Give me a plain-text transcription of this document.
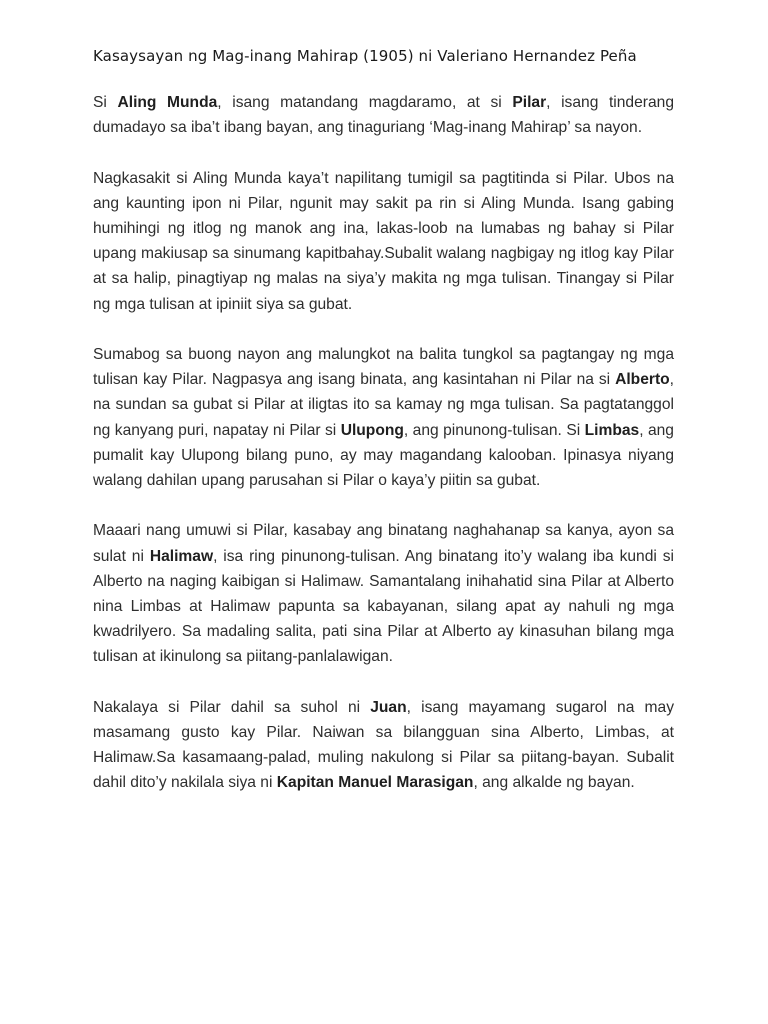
Kasaysayan ng Mag-inang Mahirap (1905) ni Valeriano Hernandez Peña

Si Aling Munda, isang matandang magdaramo, at si Pilar, isang tinderang dumadayo sa iba’t ibang bayan, ang tinaguriang ‘Mag-inang Mahirap’ sa nayon.

Nagkasakit si Aling Munda kaya’t napilitang tumigil sa pagtitinda si Pilar. Ubos na ang kaunting ipon ni Pilar, ngunit may sakit pa rin si Aling Munda. Isang gabing humihingi ng itlog ng manok ang ina, lakas-loob na lumabas ng bahay si Pilar upang makiusap sa sinumang kapitbahay.Subalit walang nagbigay ng itlog kay Pilar at sa halip, pinagtiyap ng malas na siya’y makita ng mga tulisan. Tinangay si Pilar ng mga tulisan at ipiniit siya sa gubat.

Sumabog sa buong nayon ang malungkot na balita tungkol sa pagtangay ng mga tulisan kay Pilar. Nagpasya ang isang binata, ang kasintahan ni Pilar na si Alberto, na sundan sa gubat si Pilar at iligtas ito sa kamay ng mga tulisan. Sa pagtatanggol ng kanyang puri, napatay ni Pilar si Ulupong, ang pinunong-tulisan. Si Limbas, ang pumalit kay Ulupong bilang puno, ay may magandang kalooban. Ipinasya niyang walang dahilan upang parusahan si Pilar o kaya’y piitin sa gubat.

Maaari nang umuwi si Pilar, kasabay ang binatang naghahanap sa kanya, ayon sa sulat ni Halimaw, isa ring pinunong-tulisan. Ang binatang ito’y walang iba kundi si Alberto na naging kaibigan si Halimaw. Samantalang inihahatid sina Pilar at Alberto nina Limbas at Halimaw papunta sa kabayanan, silang apat ay nahuli ng mga kwadrilyero. Sa madaling salita, pati sina Pilar at Alberto ay kinasuhan bilang mga tulisan at ikinulong sa piitang-panlalawigan.

Nakalaya si Pilar dahil sa suhol ni Juan, isang mayamang sugarol na may masamang gusto kay Pilar. Naiwan sa bilangguan sina Alberto, Limbas, at Halimaw.Sa kasamaang-palad, muling nakulong si Pilar sa piitang-bayan. Subalit dahil dito’y nakilala siya ni Kapitan Manuel Marasigan, ang alkalde ng bayan.
